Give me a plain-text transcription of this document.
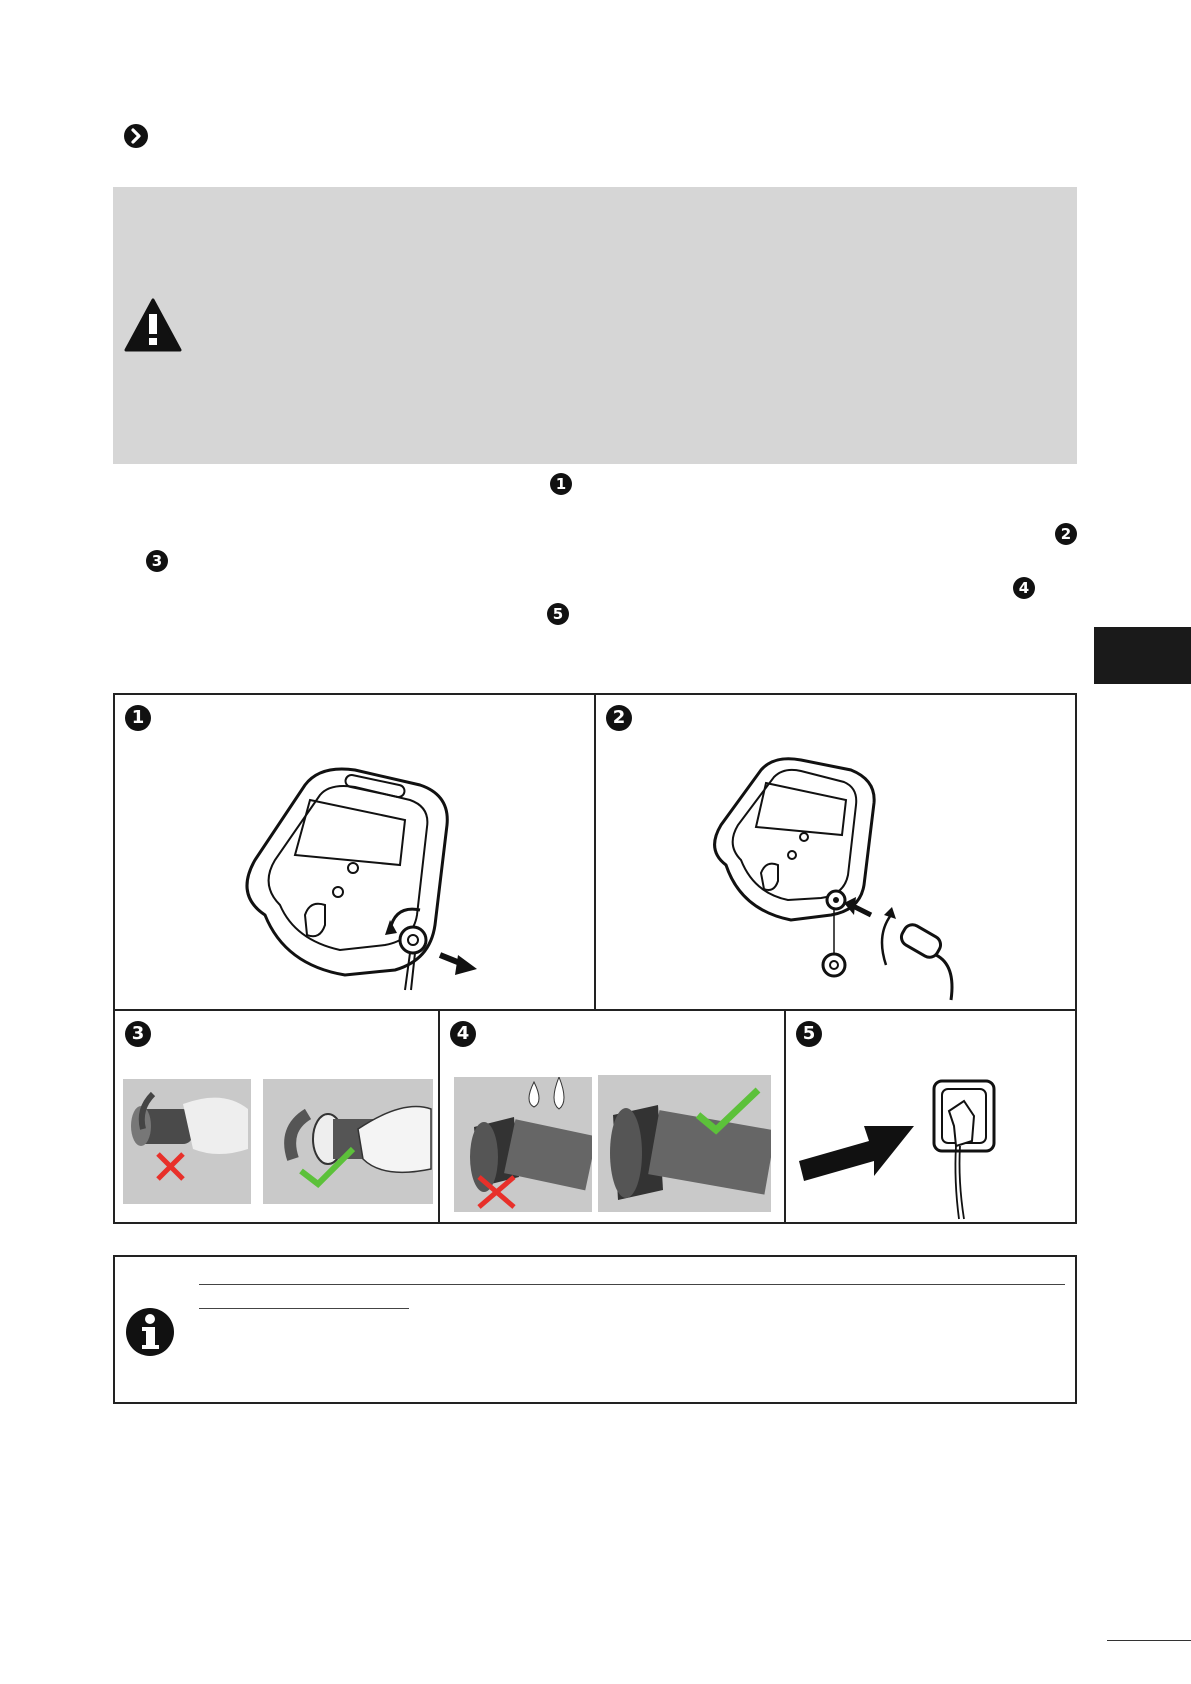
1
2
3
4
5
1	2
3	4	5
